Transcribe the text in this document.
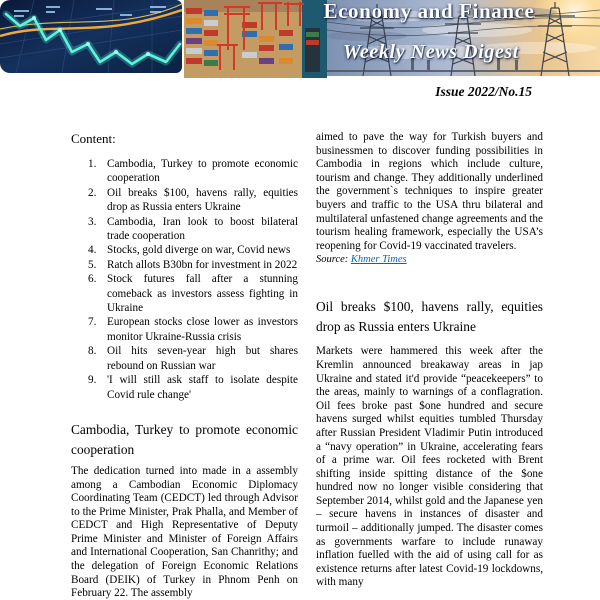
Economy and Finance
Weekly News Digest
Issue 2022/No.15
Content:
Cambodia, Turkey to promote economic cooperation
Oil breaks $100, havens rally, equities drop as Russia enters Ukraine
Cambodia, Iran look to boost bilateral trade cooperation
Stocks, gold diverge on war, Covid news
Ratch allots B30bn for investment in 2022
Stock futures fall after a stunning comeback as investors assess fighting in Ukraine
European stocks close lower as investors monitor Ukraine-Russia crisis
Oil hits seven-year high but shares rebound on Russian war
'I will still ask staff to isolate despite Covid rule change'
Cambodia, Turkey to promote economic cooperation

The dedication turned into made in a assembly among a Cambodian Economic Diplomacy Coordinating Team (CEDCT) led through Advisor to the Prime Minister, Prak Phalla, and Member of CEDCT and High Representative of Deputy Prime Minister and Minister of Foreign Affairs and International Cooperation, San Chanrithy; and the delegation of Foreign Economic Relations Board (DEIK) of Turkey in Phnom Penh on February 22. The assembly

aimed to pave the way for Turkish buyers and businessmen to discover funding possibilities in Cambodia in regions which include culture, tourism and change. They additionally underlined the government`s techniques to inspire greater buyers and traffic to the USA thru bilateral and multilateral unfastened change agreements and the tourism healing framework, especially the USA’s reopening for Covid-19 vaccinated travelers.

Source: Khmer Times

Oil breaks $100, havens rally, equities drop as Russia enters Ukraine

Markets were hammered this week after the Kremlin announced breakaway areas in jap Ukraine and stated it'd provide “peacekeepers” to the areas, mainly to warnings of a conflagration. Oil fees broke past $one hundred and secure havens surged whilst equities tumbled Thursday after Russian President Vladimir Putin introduced a “navy operation” in Ukraine, accelerating fears of a prime war. Oil fees rocketed with Brent shifting inside spitting distance of the $one hundred now no longer visible considering that September 2014, whilst gold and the Japanese yen – secure havens in instances of disaster and turmoil – additionally jumped. The disaster comes as governments warfare to include runaway inflation fuelled with the aid of using call for as existence returns after latest Covid-19 lockdowns, with many
